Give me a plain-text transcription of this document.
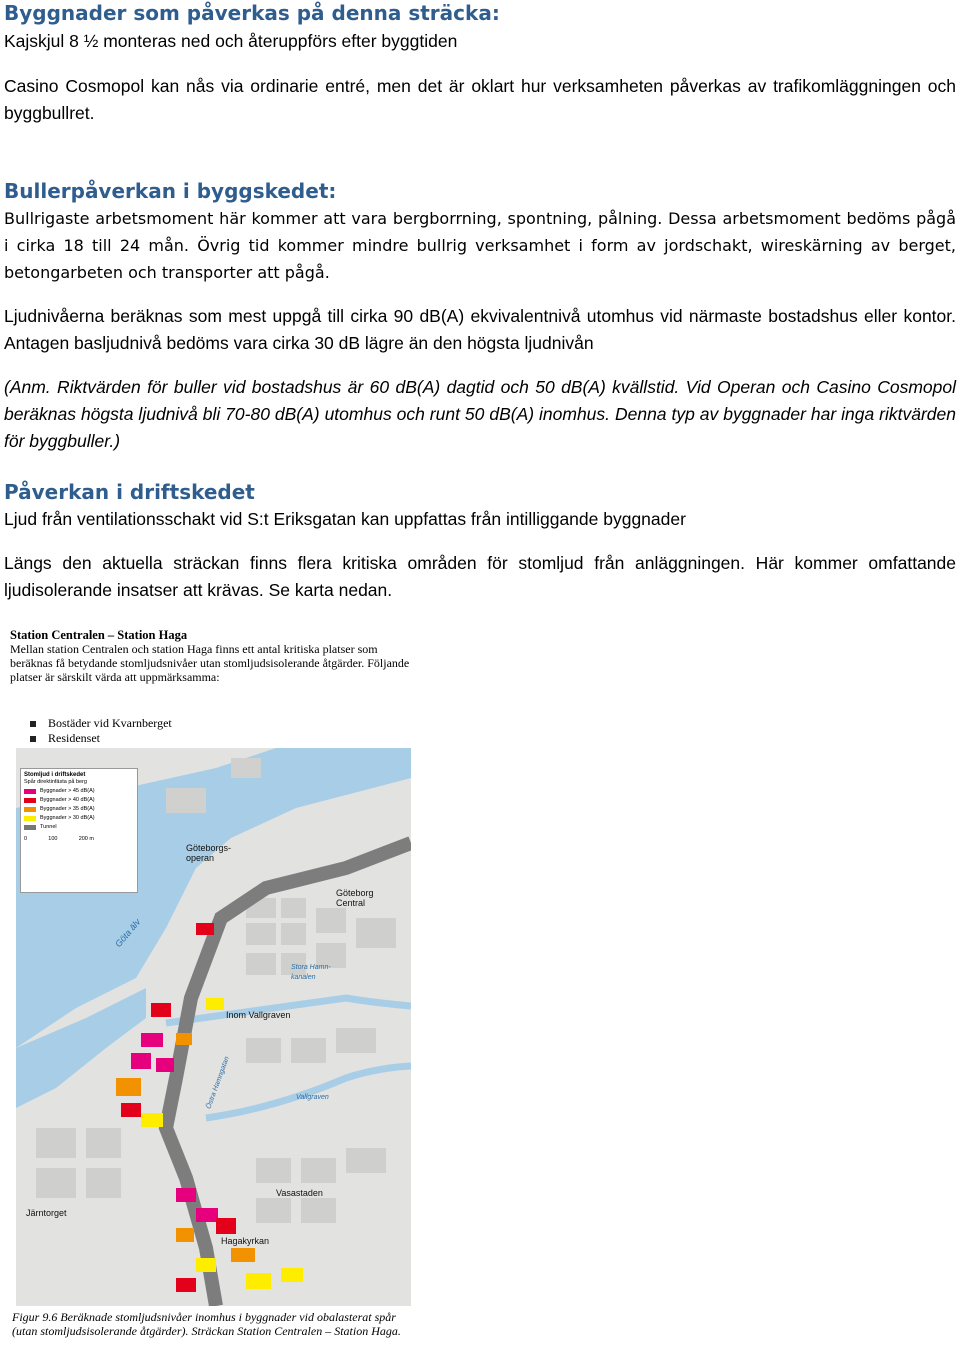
Byggnader som påverkas på denna sträcka:

Kajskjul 8 ½ monteras ned och återuppförs efter byggtiden

Casino Cosmopol kan nås via ordinarie entré, men det är oklart hur verksamheten påverkas av trafikomläggningen och byggbullret.

Bullerpåverkan i byggskedet:

Bullrigaste arbetsmoment här kommer att vara bergborrning, spontning, pålning. Dessa arbetsmoment bedöms pågå i cirka 18 till 24 mån. Övrig tid kommer mindre bullrig verksamhet i form av jordschakt, wireskärning av berget, betongarbeten och transporter att pågå.

Ljudnivåerna beräknas som mest uppgå till cirka 90 dB(A) ekvivalentnivå utomhus vid närmaste bostadshus eller kontor. Antagen basljudnivå bedöms vara cirka 30 dB lägre än den högsta ljudnivån

(Anm. Riktvärden för buller vid bostadshus är 60 dB(A) dagtid och 50 dB(A) kvällstid. Vid Operan och Casino Cosmopol beräknas högsta ljudnivå bli 70-80 dB(A) utomhus och runt 50 dB(A) inomhus. Denna typ av byggnader har inga riktvärden för byggbuller.)

Påverkan i driftskedet

Ljud från ventilationsschakt vid S:t Eriksgatan kan uppfattas från intilliggande byggnader

Längs den aktuella sträckan finns flera kritiska områden för stomljud från anläggningen. Här kommer omfattande ljudisolerande insatser att krävas. Se karta nedan.

Station Centralen – Station Haga
Mellan station Centralen och station Haga finns ett antal kritiska platser som beräknas få betydande stomljudsnivåer utan stomljudsisolerande åtgärder. Följande platser är särskilt värda att uppmärksamma:
Bostäder vid Kvarnberget
Residenset
Stomljud i driftskedet
Spår direktinfästa på berg
Byggnader > 45 dB(A)
Byggnader > 40 dB(A)
Byggnader > 35 dB(A)
Byggnader > 30 dB(A)
Tunnel
0	100	200 m
Göteborgs-operan
Göteborg Central
Göta älv
Inom Vallgraven
Stora Hamn-kanalen
Östra Hamngatan	Vallgraven
Järntorget
Vasastaden
Hagakyrkan
Figur 9.6 Beräknade stomljudsnivåer inomhus i byggnader vid obalasterat spår (utan stomljudsisolerande åtgärder). Sträckan Station Centralen – Station Haga.
